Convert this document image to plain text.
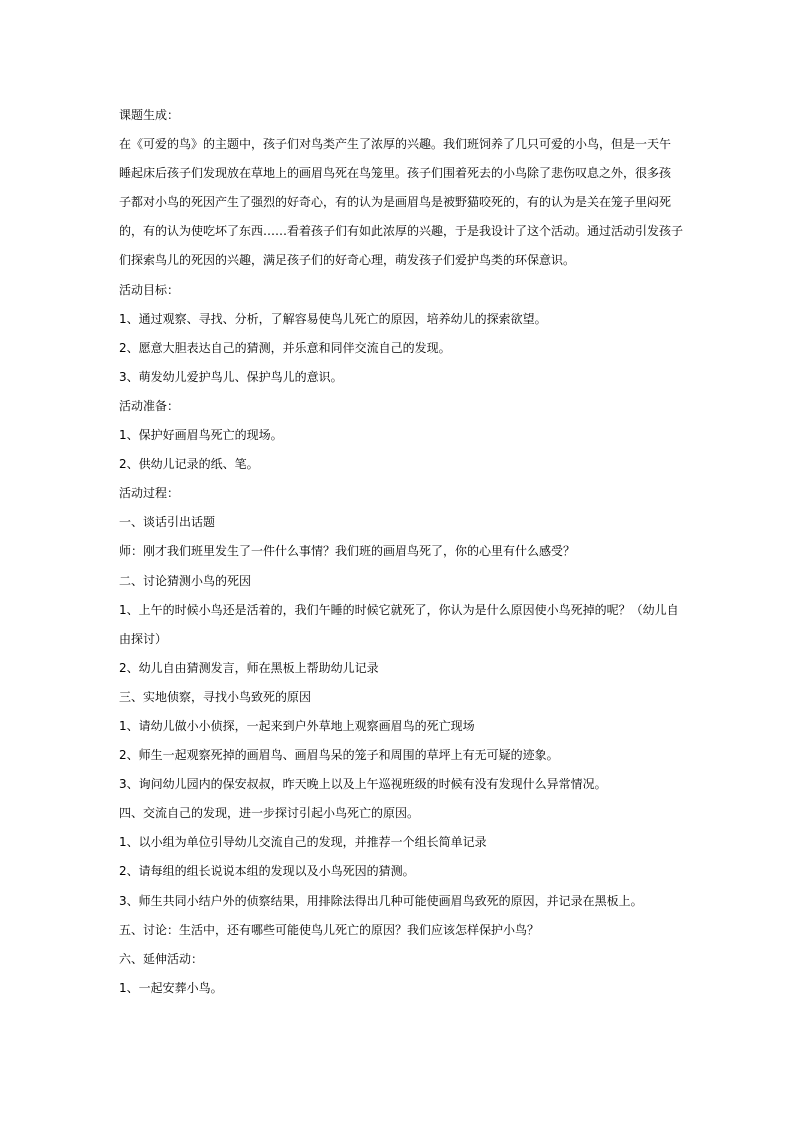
课题生成：

在《可爱的鸟》的主题中，孩子们对鸟类产生了浓厚的兴趣。我们班饲养了几只可爱的小鸟，但是一天午

睡起床后孩子们发现放在草地上的画眉鸟死在鸟笼里。孩子们围着死去的小鸟除了悲伤叹息之外，很多孩

子都对小鸟的死因产生了强烈的好奇心，有的认为是画眉鸟是被野猫咬死的，有的认为是关在笼子里闷死

的，有的认为使吃坏了东西……看着孩子们有如此浓厚的兴趣，于是我设计了这个活动。通过活动引发孩子

们探索鸟儿的死因的兴趣，满足孩子们的好奇心理，萌发孩子们爱护鸟类的环保意识。

活动目标：

1、通过观察、寻找、分析，了解容易使鸟儿死亡的原因，培养幼儿的探索欲望。

2、愿意大胆表达自己的猜测，并乐意和同伴交流自己的发现。

3、萌发幼儿爱护鸟儿、保护鸟儿的意识。

活动准备：

1、保护好画眉鸟死亡的现场。

2、供幼儿记录的纸、笔。

活动过程：

一、谈话引出话题

师：刚才我们班里发生了一件什么事情？我们班的画眉鸟死了，你的心里有什么感受？

二、讨论猜测小鸟的死因

1、上午的时候小鸟还是活着的，我们午睡的时候它就死了，你认为是什么原因使小鸟死掉的呢？（幼儿自

由探讨）

2、幼儿自由猜测发言，师在黑板上帮助幼儿记录

三、实地侦察，寻找小鸟致死的原因

1、请幼儿做小小侦探，一起来到户外草地上观察画眉鸟的死亡现场

2、师生一起观察死掉的画眉鸟、画眉鸟呆的笼子和周围的草坪上有无可疑的迹象。

3、询问幼儿园内的保安叔叔，昨天晚上以及上午巡视班级的时候有没有发现什么异常情况。

四、交流自己的发现，进一步探讨引起小鸟死亡的原因。

1、以小组为单位引导幼儿交流自己的发现，并推荐一个组长简单记录

2、请每组的组长说说本组的发现以及小鸟死因的猜测。

3、师生共同小结户外的侦察结果，用排除法得出几种可能使画眉鸟致死的原因，并记录在黑板上。

五、讨论：生活中，还有哪些可能使鸟儿死亡的原因？我们应该怎样保护小鸟？

六、延伸活动：

1、一起安葬小鸟。
